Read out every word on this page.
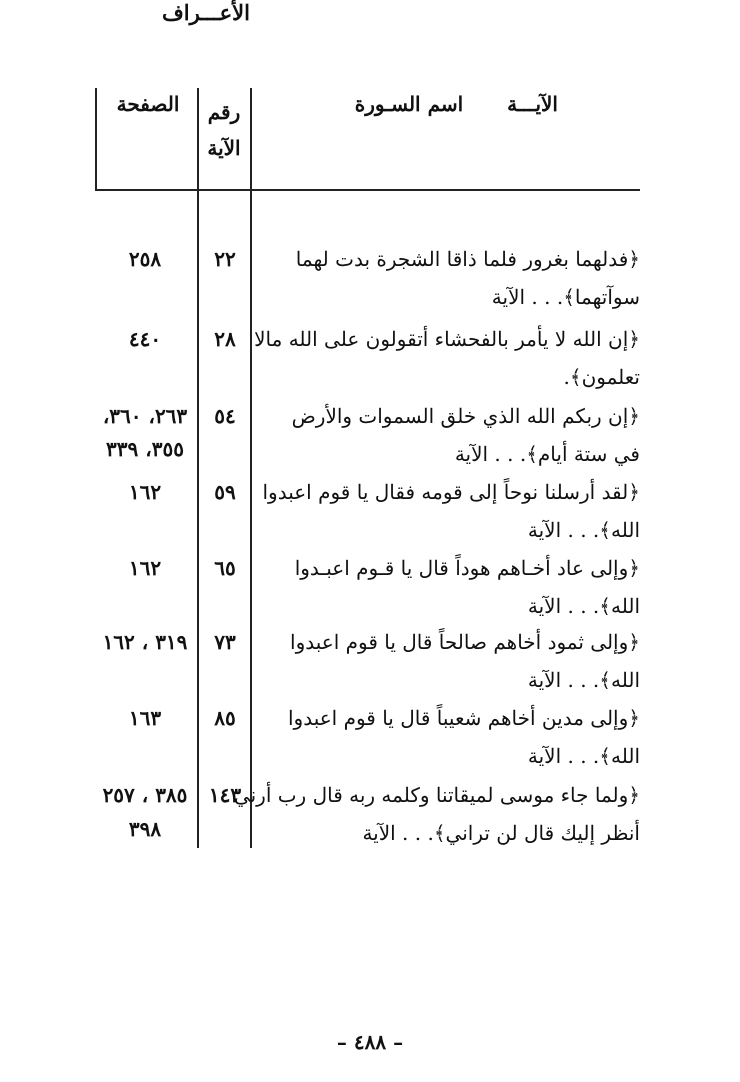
الآيـــة  اسم السـورة
رقم الآية
الصفحة
الأعـــراف
﴿فدلهما بغرور فلما ذاقا الشجرة بدت لهما
سوآتهما﴾. . . الآية
٢٢
٢٥٨
﴿إن الله لا يأمر بالفحشاء أتقولون على الله مالا
تعلمون﴾.
٢٨
٤٤٠
﴿إن ربكم الله الذي خلق السموات والأرض
في ستة أيام﴾. . . الآية
٥٤
٢٦٣، ٣٦٠،
٣٥٥، ٣٣٩
﴿لقد أرسلنا نوحاً إلى قومه فقال يا قوم اعبدوا
الله﴾. . . الآية
٥٩
١٦٢
﴿وإلى عاد أخـاهم هوداً قال يا قـوم اعبـدوا
الله﴾. . . الآية
٦٥
١٦٢
﴿وإلى ثمود أخاهم صالحاً قال يا قوم اعبدوا
الله﴾. . . الآية
٧٣
٣١٩ ، ١٦٢
﴿وإلى مدين أخاهم شعيباً قال يا قوم اعبدوا
الله﴾. . . الآية
٨٥
١٦٣
﴿ولما جاء موسى لميقاتنا وكلمه ربه قال رب أرني
أنظر إليك قال لن تراني﴾. . . الآية
١٤٣
٣٨٥ ، ٢٥٧
٣٩٨
– ٤٨٨ –
